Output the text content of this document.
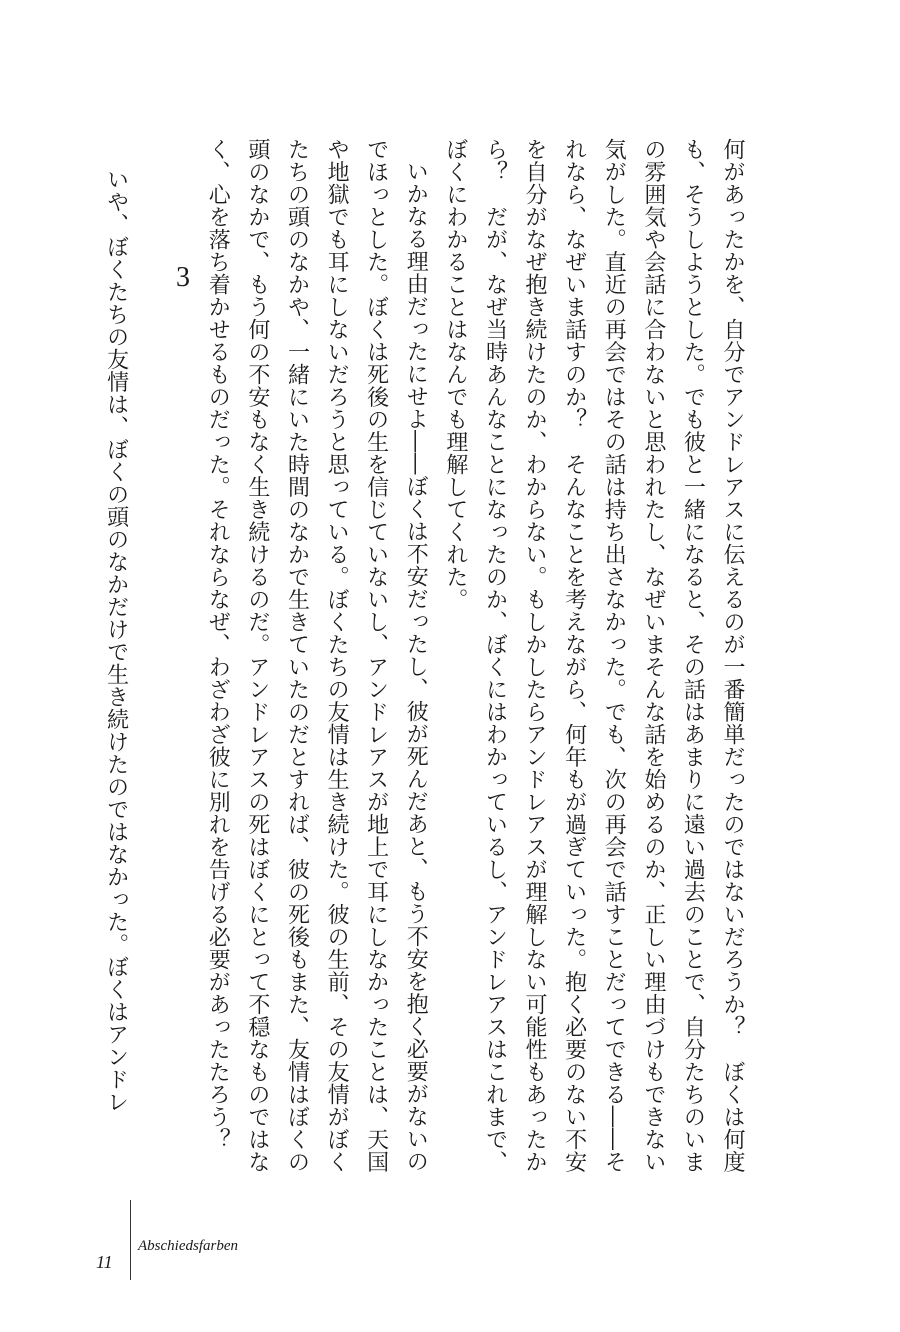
何があったかを、自分でアンドレアスに伝えるのが一番簡単だったのではないだろうか？　ぼくは何度も、そうしようとした。でも彼と一緒になると、その話はあまりに遠い過去のことで、自分たちのいまの雰囲気や会話に合わないと思われたし、なぜいまそんな話を始めるのか、正しい理由づけもできない気がした。直近の再会ではその話は持ち出さなかった。でも、次の再会で話すことだってできる――それなら、なぜいま話すのか？　そんなことを考えながら、何年もが過ぎていった。抱く必要のない不安を自分がなぜ抱き続けたのか、わからない。もしかしたらアンドレアスが理解しない可能性もあったから？　だが、なぜ当時あんなことになったのか、ぼくにはわかっているし、アンドレアスはこれまで、ぼくにわかることはなんでも理解してくれた。

いかなる理由だったにせよ――ぼくは不安だったし、彼が死んだあと、もう不安を抱く必要がないのでほっとした。ぼくは死後の生を信じていないし、アンドレアスが地上で耳にしなかったことは、天国や地獄でも耳にしないだろうと思っている。ぼくたちの友情は生き続けた。彼の生前、その友情がぼくたちの頭のなかや、一緒にいた時間のなかで生きていたのだとすれば、彼の死後もまた、友情はぼくの頭のなかで、もう何の不安もなく生き続けるのだ。アンドレアスの死はぼくにとって不穏なものではなく、心を落ち着かせるものだった。それならなぜ、わざわざ彼に別れを告げる必要があったたろう？

3
いや、ぼくたちの友情は、ぼくの頭のなかだけで生き続けたのではなかった。ぼくはアンドレ
11
Abschiedsfarben
